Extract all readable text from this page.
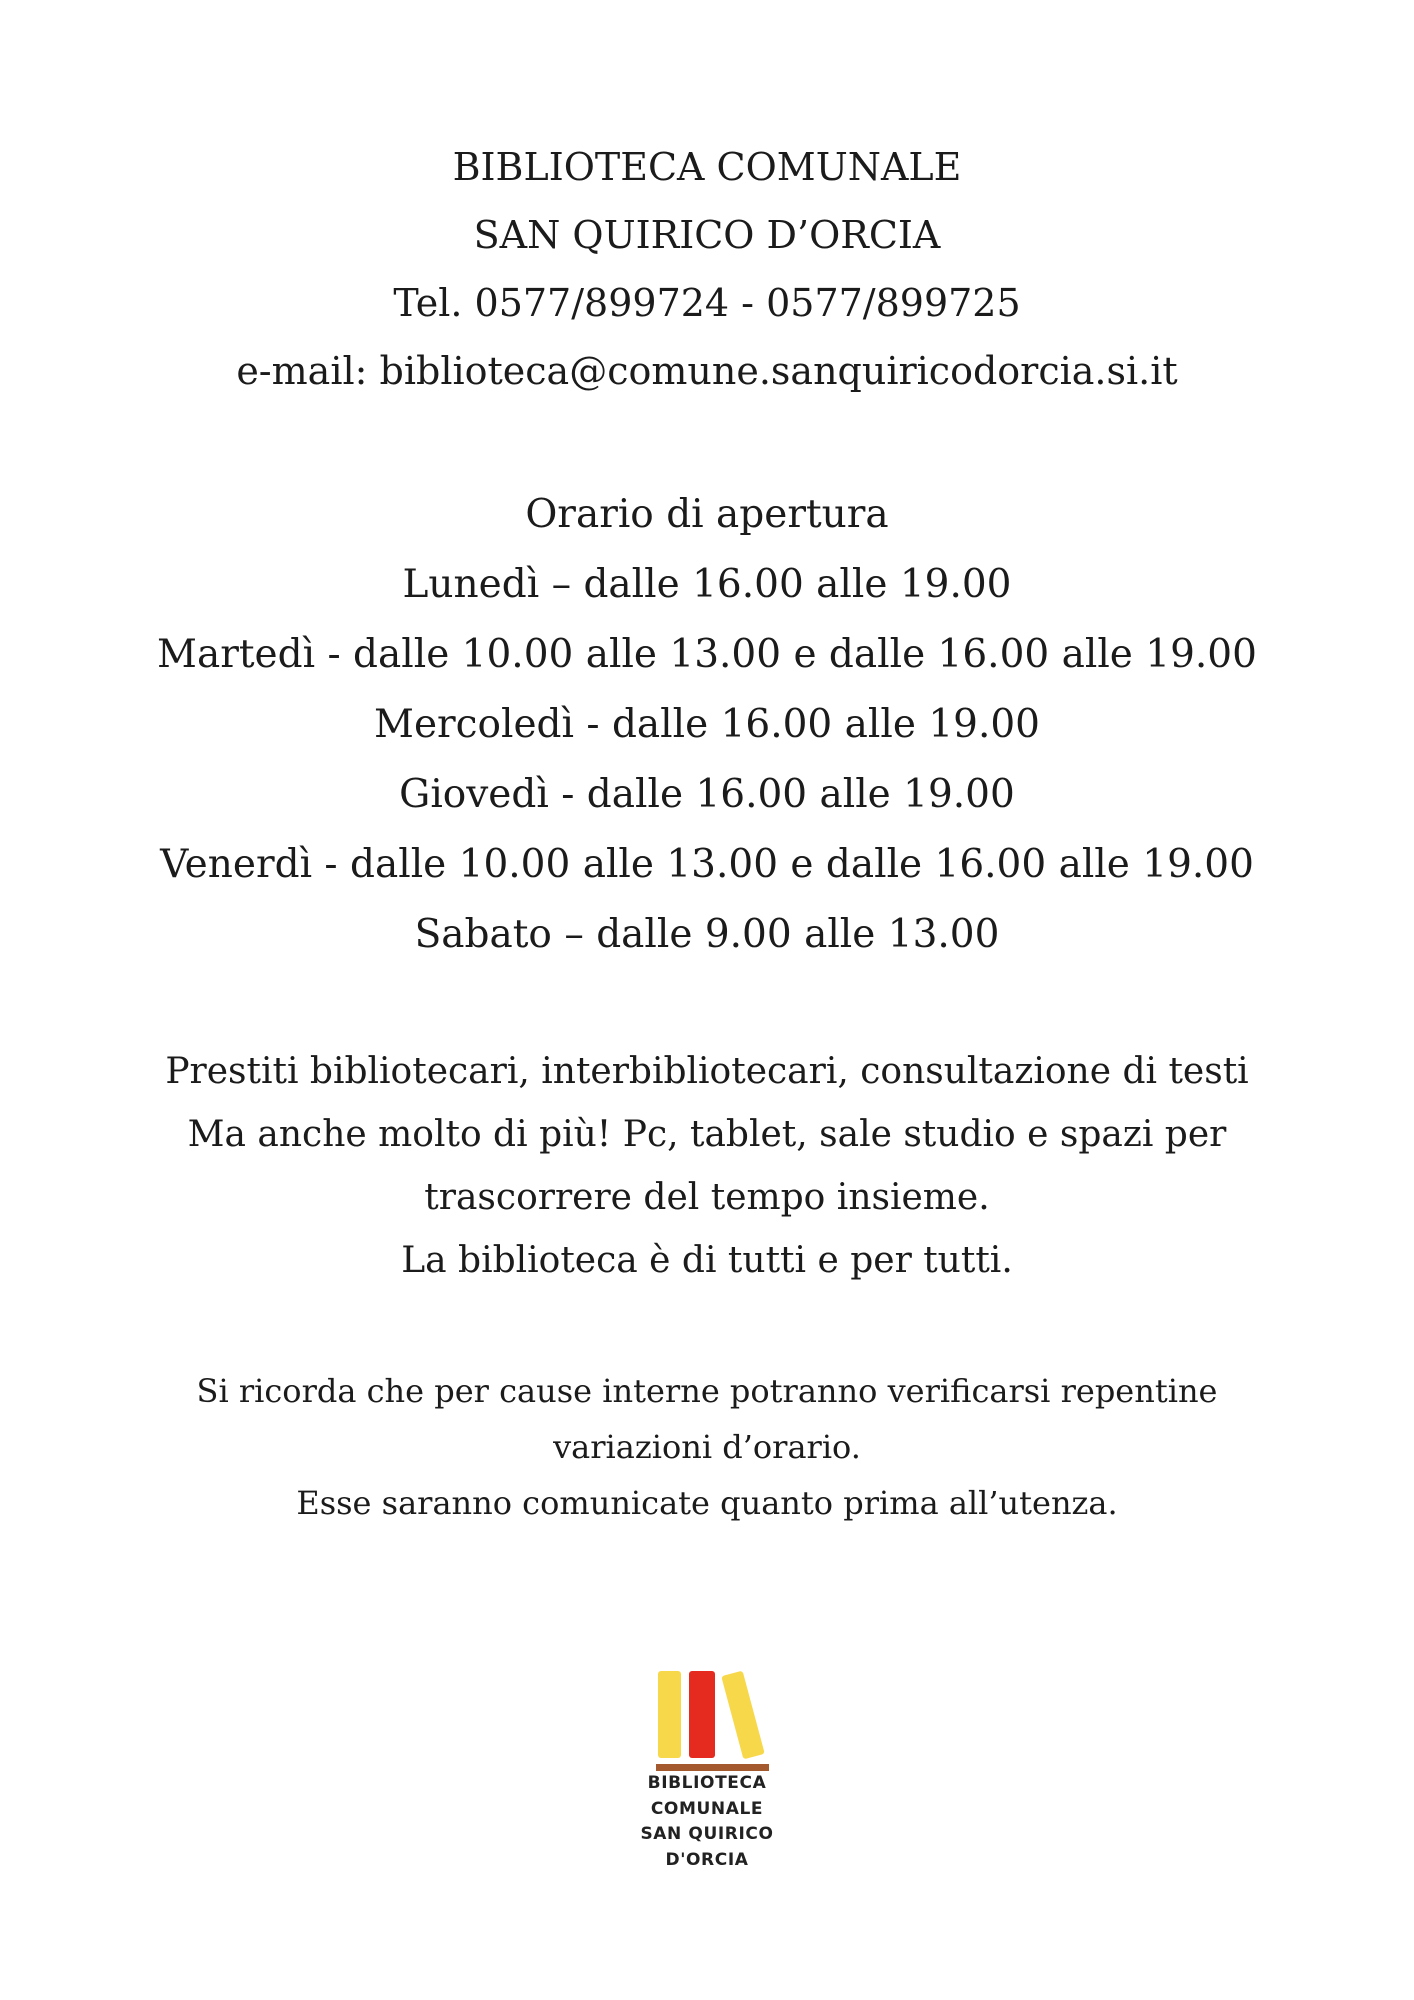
BIBLIOTECA COMUNALE
SAN QUIRICO D’ORCIA
Tel. 0577/899724 - 0577/899725
e-mail: biblioteca@comune.sanquiricodorcia.si.it
Orario di apertura
Lunedì – dalle 16.00 alle 19.00
Martedì - dalle 10.00 alle 13.00 e dalle 16.00 alle 19.00
Mercoledì - dalle 16.00 alle 19.00
Giovedì - dalle 16.00 alle 19.00
Venerdì - dalle 10.00 alle 13.00 e dalle 16.00 alle 19.00
Sabato – dalle 9.00 alle 13.00
Prestiti bibliotecari, interbibliotecari, consultazione di testi
Ma anche molto di più! Pc, tablet, sale studio e spazi per
trascorrere del tempo insieme.
La biblioteca è di tutti e per tutti.
Si ricorda che per cause interne potranno verificarsi repentine
variazioni d’orario.
Esse saranno comunicate quanto prima all’utenza.
BIBLIOTECA
COMUNALE
SAN QUIRICO
D'ORCIA
